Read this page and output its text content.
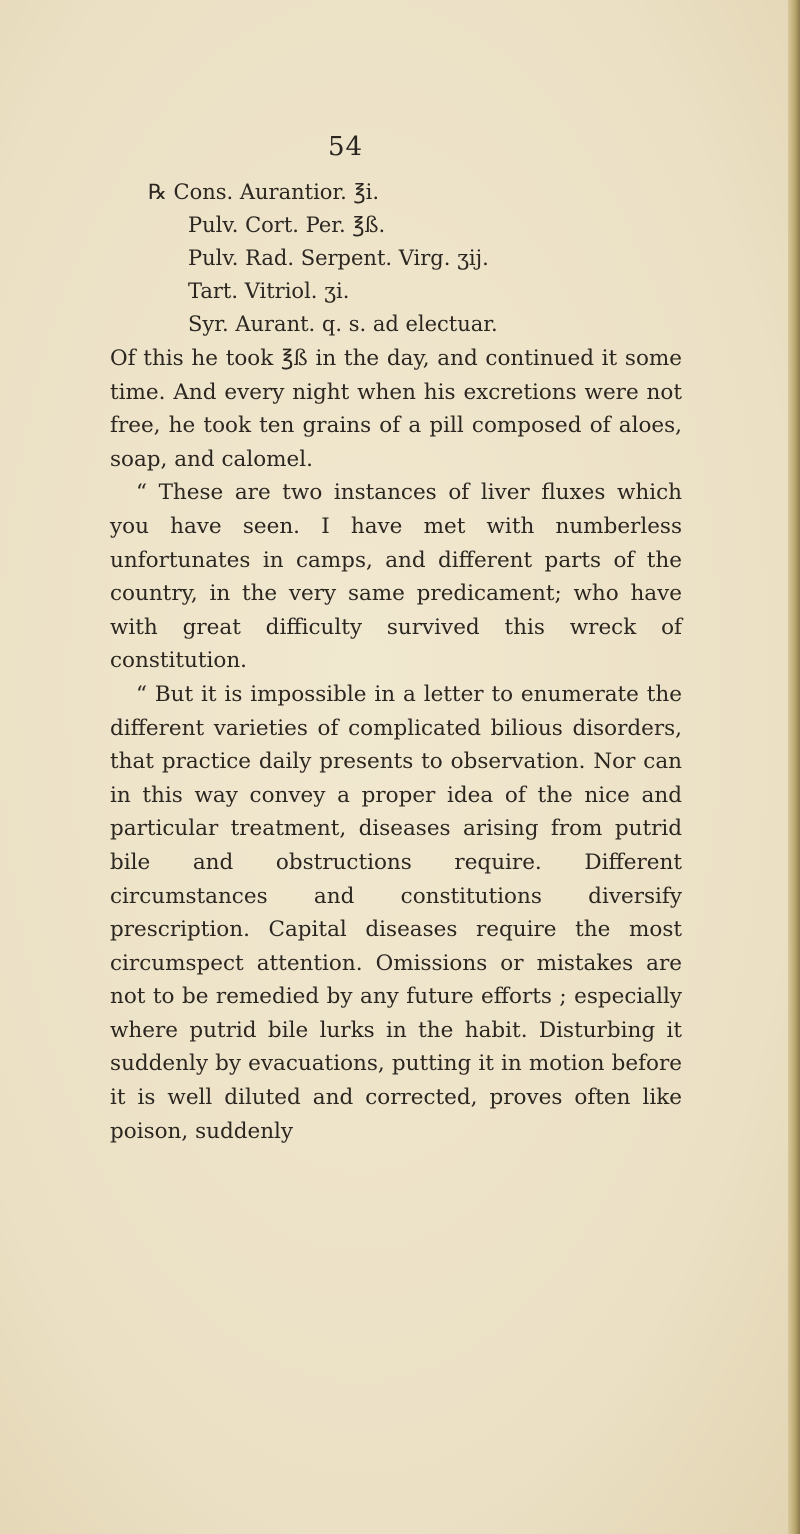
54
℞ Cons. Aurantior. ℥i.
Pulv. Cort. Per. ℥ß.
Pulv. Rad. Serpent. Virg. ʒij.
Tart. Vitriol. ʒi.
Syr. Aurant. q. s. ad electuar.

Of this he took ℥ß in the day, and continued it some time. And every night when his excretions were not free, he took ten grains of a pill composed of aloes, soap, and calomel.

“ These are two instances of liver fluxes which you have seen. I have met with numberless unfortunates in camps, and different parts of the country, in the very same predicament; who have with great difficulty survived this wreck of constitution.

“ But it is impossible in a letter to enumerate the different varieties of complicated bilious disorders, that practice daily presents to observation. Nor can in this way convey a proper idea of the nice and particular treatment, diseases arising from putrid bile and obstructions require. Different circumstances and constitutions diversify prescription. Capital diseases require the most circumspect attention. Omissions or mistakes are not to be remedied by any future efforts ; especially where putrid bile lurks in the habit. Disturbing it suddenly by evacuations, putting it in motion before it is well diluted and corrected, proves often like poison, suddenly
